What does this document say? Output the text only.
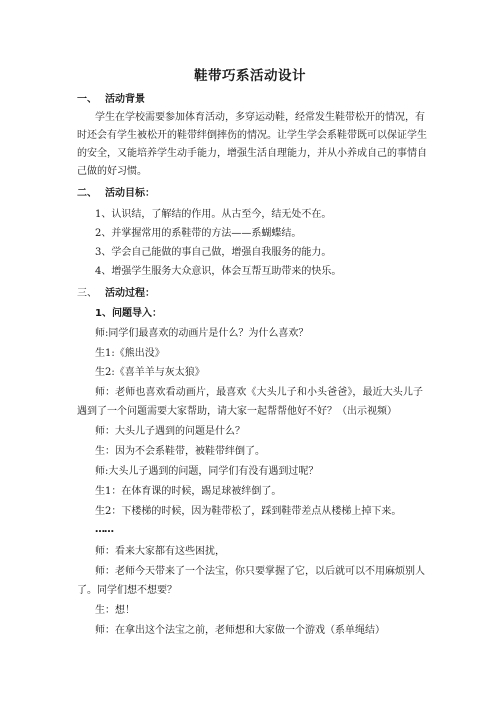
鞋带巧系活动设计
一、 活动背景
学生在学校需要参加体育活动，多穿运动鞋，经常发生鞋带松开的情况，有
时还会有学生被松开的鞋带绊倒摔伤的情况。让学生学会系鞋带既可以保证学生
的安全，又能培养学生动手能力，增强生活自理能力，并从小养成自己的事情自
己做的好习惯。
二、 活动目标：
1、认识结，了解结的作用。从古至今，结无处不在。
2、并掌握常用的系鞋带的方法——系蝴蝶结。
3、学会自己能做的事自己做，增强自我服务的能力。
4、增强学生服务大众意识，体会互帮互助带来的快乐。
三、 活动过程：
1、问题导入：
师:同学们最喜欢的动画片是什么？为什么喜欢？
生1:《熊出没》
生2:《喜羊羊与灰太狼》
师：老师也喜欢看动画片，最喜欢《大头儿子和小头爸爸》，最近大头儿子
遇到了一个问题需要大家帮助，请大家一起帮帮他好不好？（出示视频）
师：大头儿子遇到的问题是什么？
生：因为不会系鞋带，被鞋带绊倒了。
师:大头儿子遇到的问题，同学们有没有遇到过呢？
生1：在体育课的时候，踢足球被绊倒了。
生2：下楼梯的时候，因为鞋带松了，踩到鞋带差点从楼梯上掉下来。
……
师：看来大家都有这些困扰，
师：老师今天带来了一个法宝，你只要掌握了它，以后就可以不用麻烦别人
了。同学们想不想要？
生：想！
师：在拿出这个法宝之前，老师想和大家做一个游戏（系单绳结）
